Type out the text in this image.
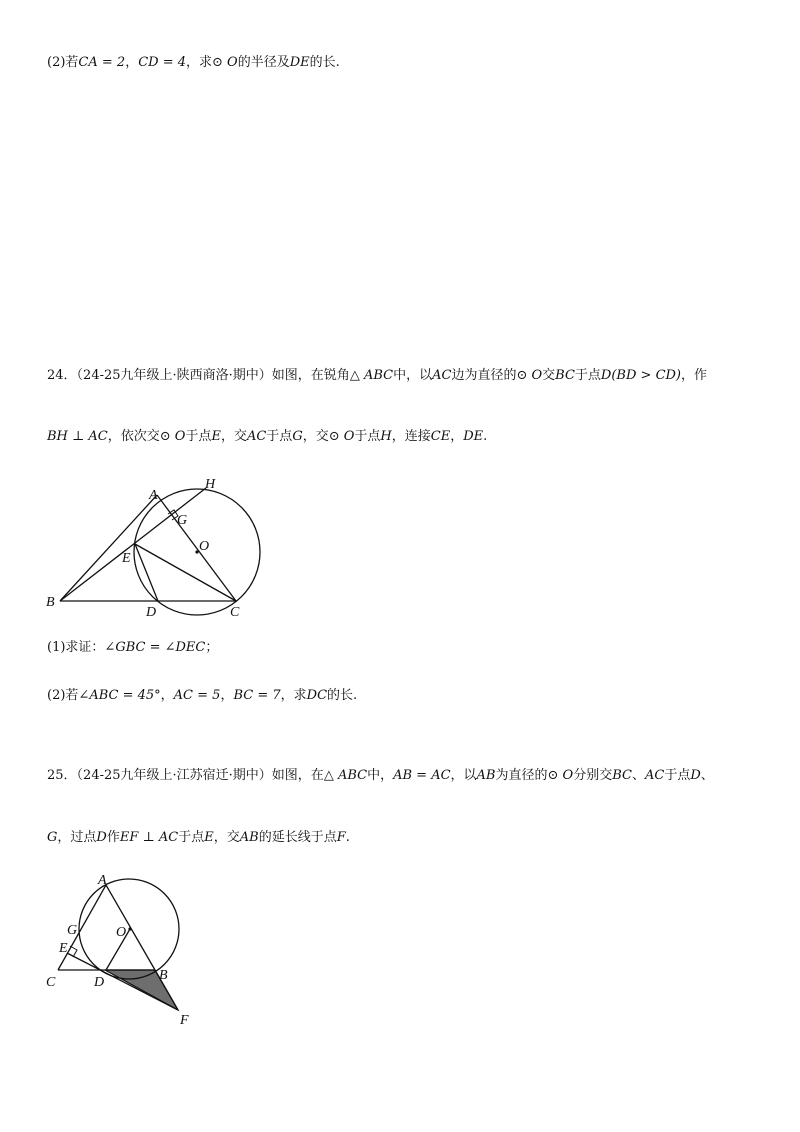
(2)若CA = 2，CD = 4，求⊙ O的半径及DE的长.
24．（24-25九年级上·陕西商洛·期中）如图，在锐角△ ABC中，以AC边为直径的⊙ O交BC于点D(BD > CD)，作
BH ⊥ AC，依次交⊙ O于点E，交AC于点G，交⊙ O于点H，连接CE，DE.
A
H
G
O
E
B
D	C
(1)求证：∠GBC = ∠DEC；
(2)若∠ABC = 45°，AC = 5，BC = 7，求DC的长.
25．（24-25九年级上·江苏宿迁·期中）如图，在△ ABC中，AB = AC，以AB为直径的⊙ O分别交BC、AC于点D、
G，过点D作EF ⊥ AC于点E，交AB的延长线于点F.
A
G	O
E
C	D	B
F
